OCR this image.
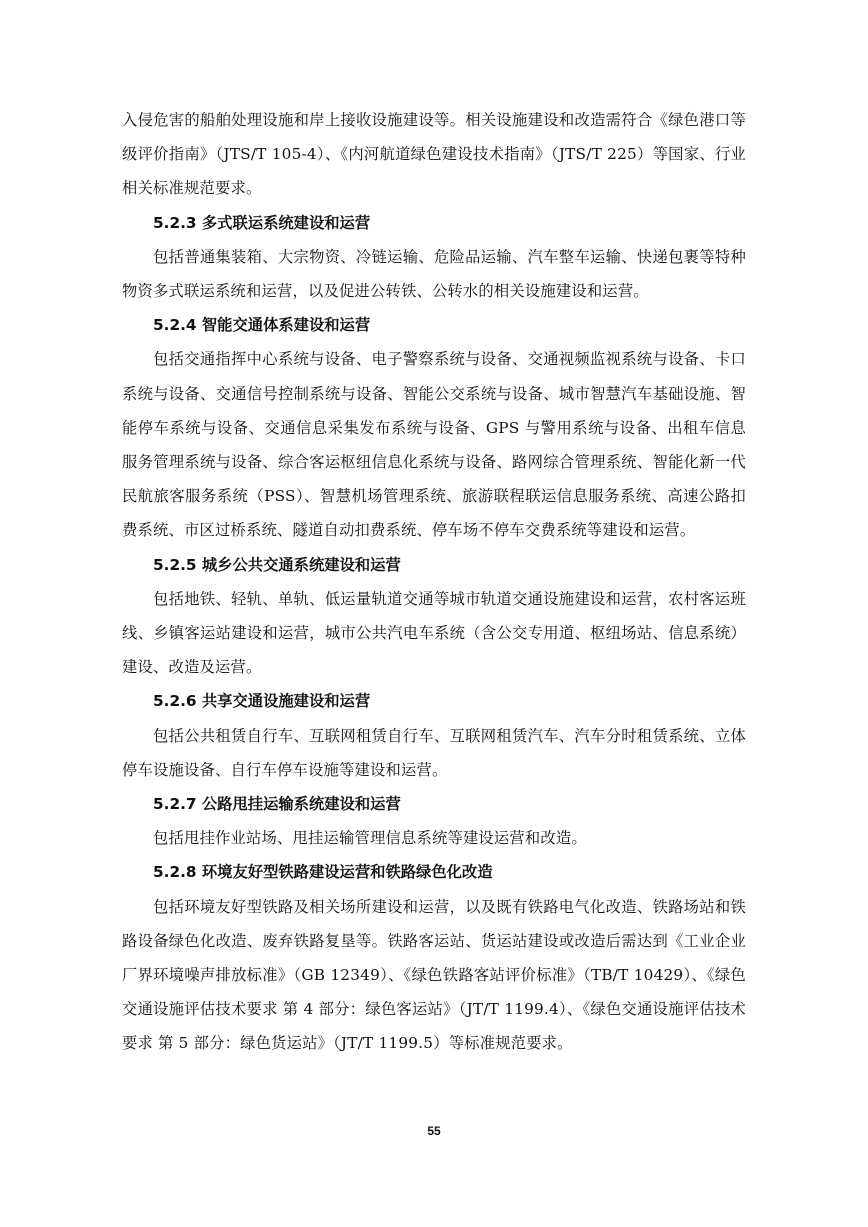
入侵危害的船舶处理设施和岸上接收设施建设等。相关设施建设和改造需符合《绿色港口等级评价指南》（JTS/T 105-4）、《内河航道绿色建设技术指南》（JTS/T 225）等国家、行业相关标准规范要求。

5.2.3 多式联运系统建设和运营

包括普通集装箱、大宗物资、冷链运输、危险品运输、汽车整车运输、快递包裹等特种物资多式联运系统和运营，以及促进公转铁、公转水的相关设施建设和运营。

5.2.4 智能交通体系建设和运营

包括交通指挥中心系统与设备、电子警察系统与设备、交通视频监视系统与设备、卡口系统与设备、交通信号控制系统与设备、智能公交系统与设备、城市智慧汽车基础设施、智能停车系统与设备、交通信息采集发布系统与设备、GPS 与警用系统与设备、出租车信息服务管理系统与设备、综合客运枢纽信息化系统与设备、路网综合管理系统、智能化新一代民航旅客服务系统（PSS）、智慧机场管理系统、旅游联程联运信息服务系统、高速公路扣费系统、市区过桥系统、隧道自动扣费系统、停车场不停车交费系统等建设和运营。

5.2.5 城乡公共交通系统建设和运营

包括地铁、轻轨、单轨、低运量轨道交通等城市轨道交通设施建设和运营，农村客运班线、乡镇客运站建设和运营，城市公共汽电车系统（含公交专用道、枢纽场站、信息系统）建设、改造及运营。

5.2.6 共享交通设施建设和运营

包括公共租赁自行车、互联网租赁自行车、互联网租赁汽车、汽车分时租赁系统、立体停车设施设备、自行车停车设施等建设和运营。

5.2.7 公路甩挂运输系统建设和运营

包括甩挂作业站场、甩挂运输管理信息系统等建设运营和改造。

5.2.8 环境友好型铁路建设运营和铁路绿色化改造

包括环境友好型铁路及相关场所建设和运营，以及既有铁路电气化改造、铁路场站和铁路设备绿色化改造、废弃铁路复垦等。铁路客运站、货运站建设或改造后需达到《工业企业厂界环境噪声排放标准》（GB 12349）、《绿色铁路客站评价标准》（TB/T 10429）、《绿色交通设施评估技术要求 第 4 部分：绿色客运站》（JT/T 1199.4）、《绿色交通设施评估技术要求 第 5 部分：绿色货运站》（JT/T 1199.5）等标准规范要求。

55
